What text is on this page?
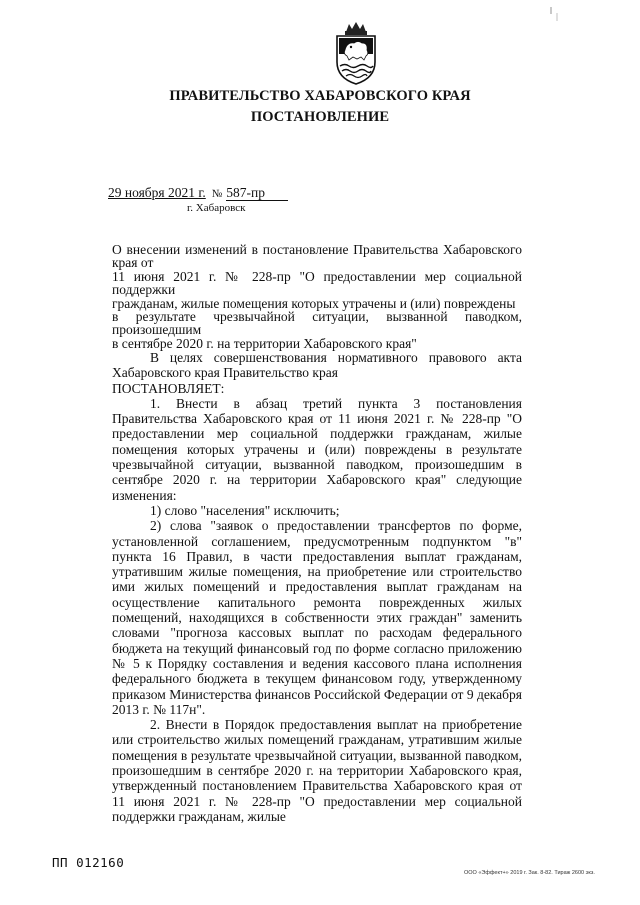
ПРАВИТЕЛЬСТВО ХАБАРОВСКОГО КРАЯ
ПОСТАНОВЛЕНИЕ
29 ноября 2021 г. № 587-пр
г. Хабаровск
О внесении изменений в постановление Правительства Хабаровского края от
11 июня 2021 г. № 228-пр "О предоставлении мер социальной поддержки
гражданам, жилые помещения которых утрачены и (или) повреждены
в результате чрезвычайной ситуации, вызванной паводком, произошедшим
в сентябре 2020 г. на территории Хабаровского края"
В целях совершенствования нормативного правового акта Хабаровского края Правительство края
ПОСТАНОВЛЯЕТ:
1. Внести в абзац третий пункта 3 постановления Правительства Хабаровского края от 11 июня 2021 г. № 228-пр "О предоставлении мер социальной поддержки гражданам, жилые помещения которых утрачены и (или) повреждены в результате чрезвычайной ситуации, вызванной паводком, произошедшим в сентябре 2020 г. на территории Хабаровского края" следующие изменения:
1) слово "населения" исключить;
2) слова "заявок о предоставлении трансфертов по форме, установленной соглашением, предусмотренным подпунктом "в" пункта 16 Правил, в части предоставления выплат гражданам, утратившим жилые помещения, на приобретение или строительство ими жилых помещений и предоставления выплат гражданам на осуществление капитального ремонта поврежденных жилых помещений, находящихся в собственности этих граждан" заменить словами "прогноза кассовых выплат по расходам федерального бюджета на текущий финансовый год по форме согласно приложению № 5 к Порядку составления и ведения кассового плана исполнения федерального бюджета в текущем финансовом году, утвержденному приказом Министерства финансов Российской Федерации от 9 декабря 2013 г. № 117н".
2. Внести в Порядок предоставления выплат на приобретение или строительство жилых помещений гражданам, утратившим жилые помещения в результате чрезвычайной ситуации, вызванной паводком, произошедшим в сентябре 2020 г. на территории Хабаровского края, утвержденный постановлением Правительства Хабаровского края от 11 июня 2021 г. № 228-пр "О предоставлении мер социальной поддержки гражданам, жилые
ПП 012160
ООО «Эффект+» 2019 г. Зак. 8-82. Тираж 2600 экз.
